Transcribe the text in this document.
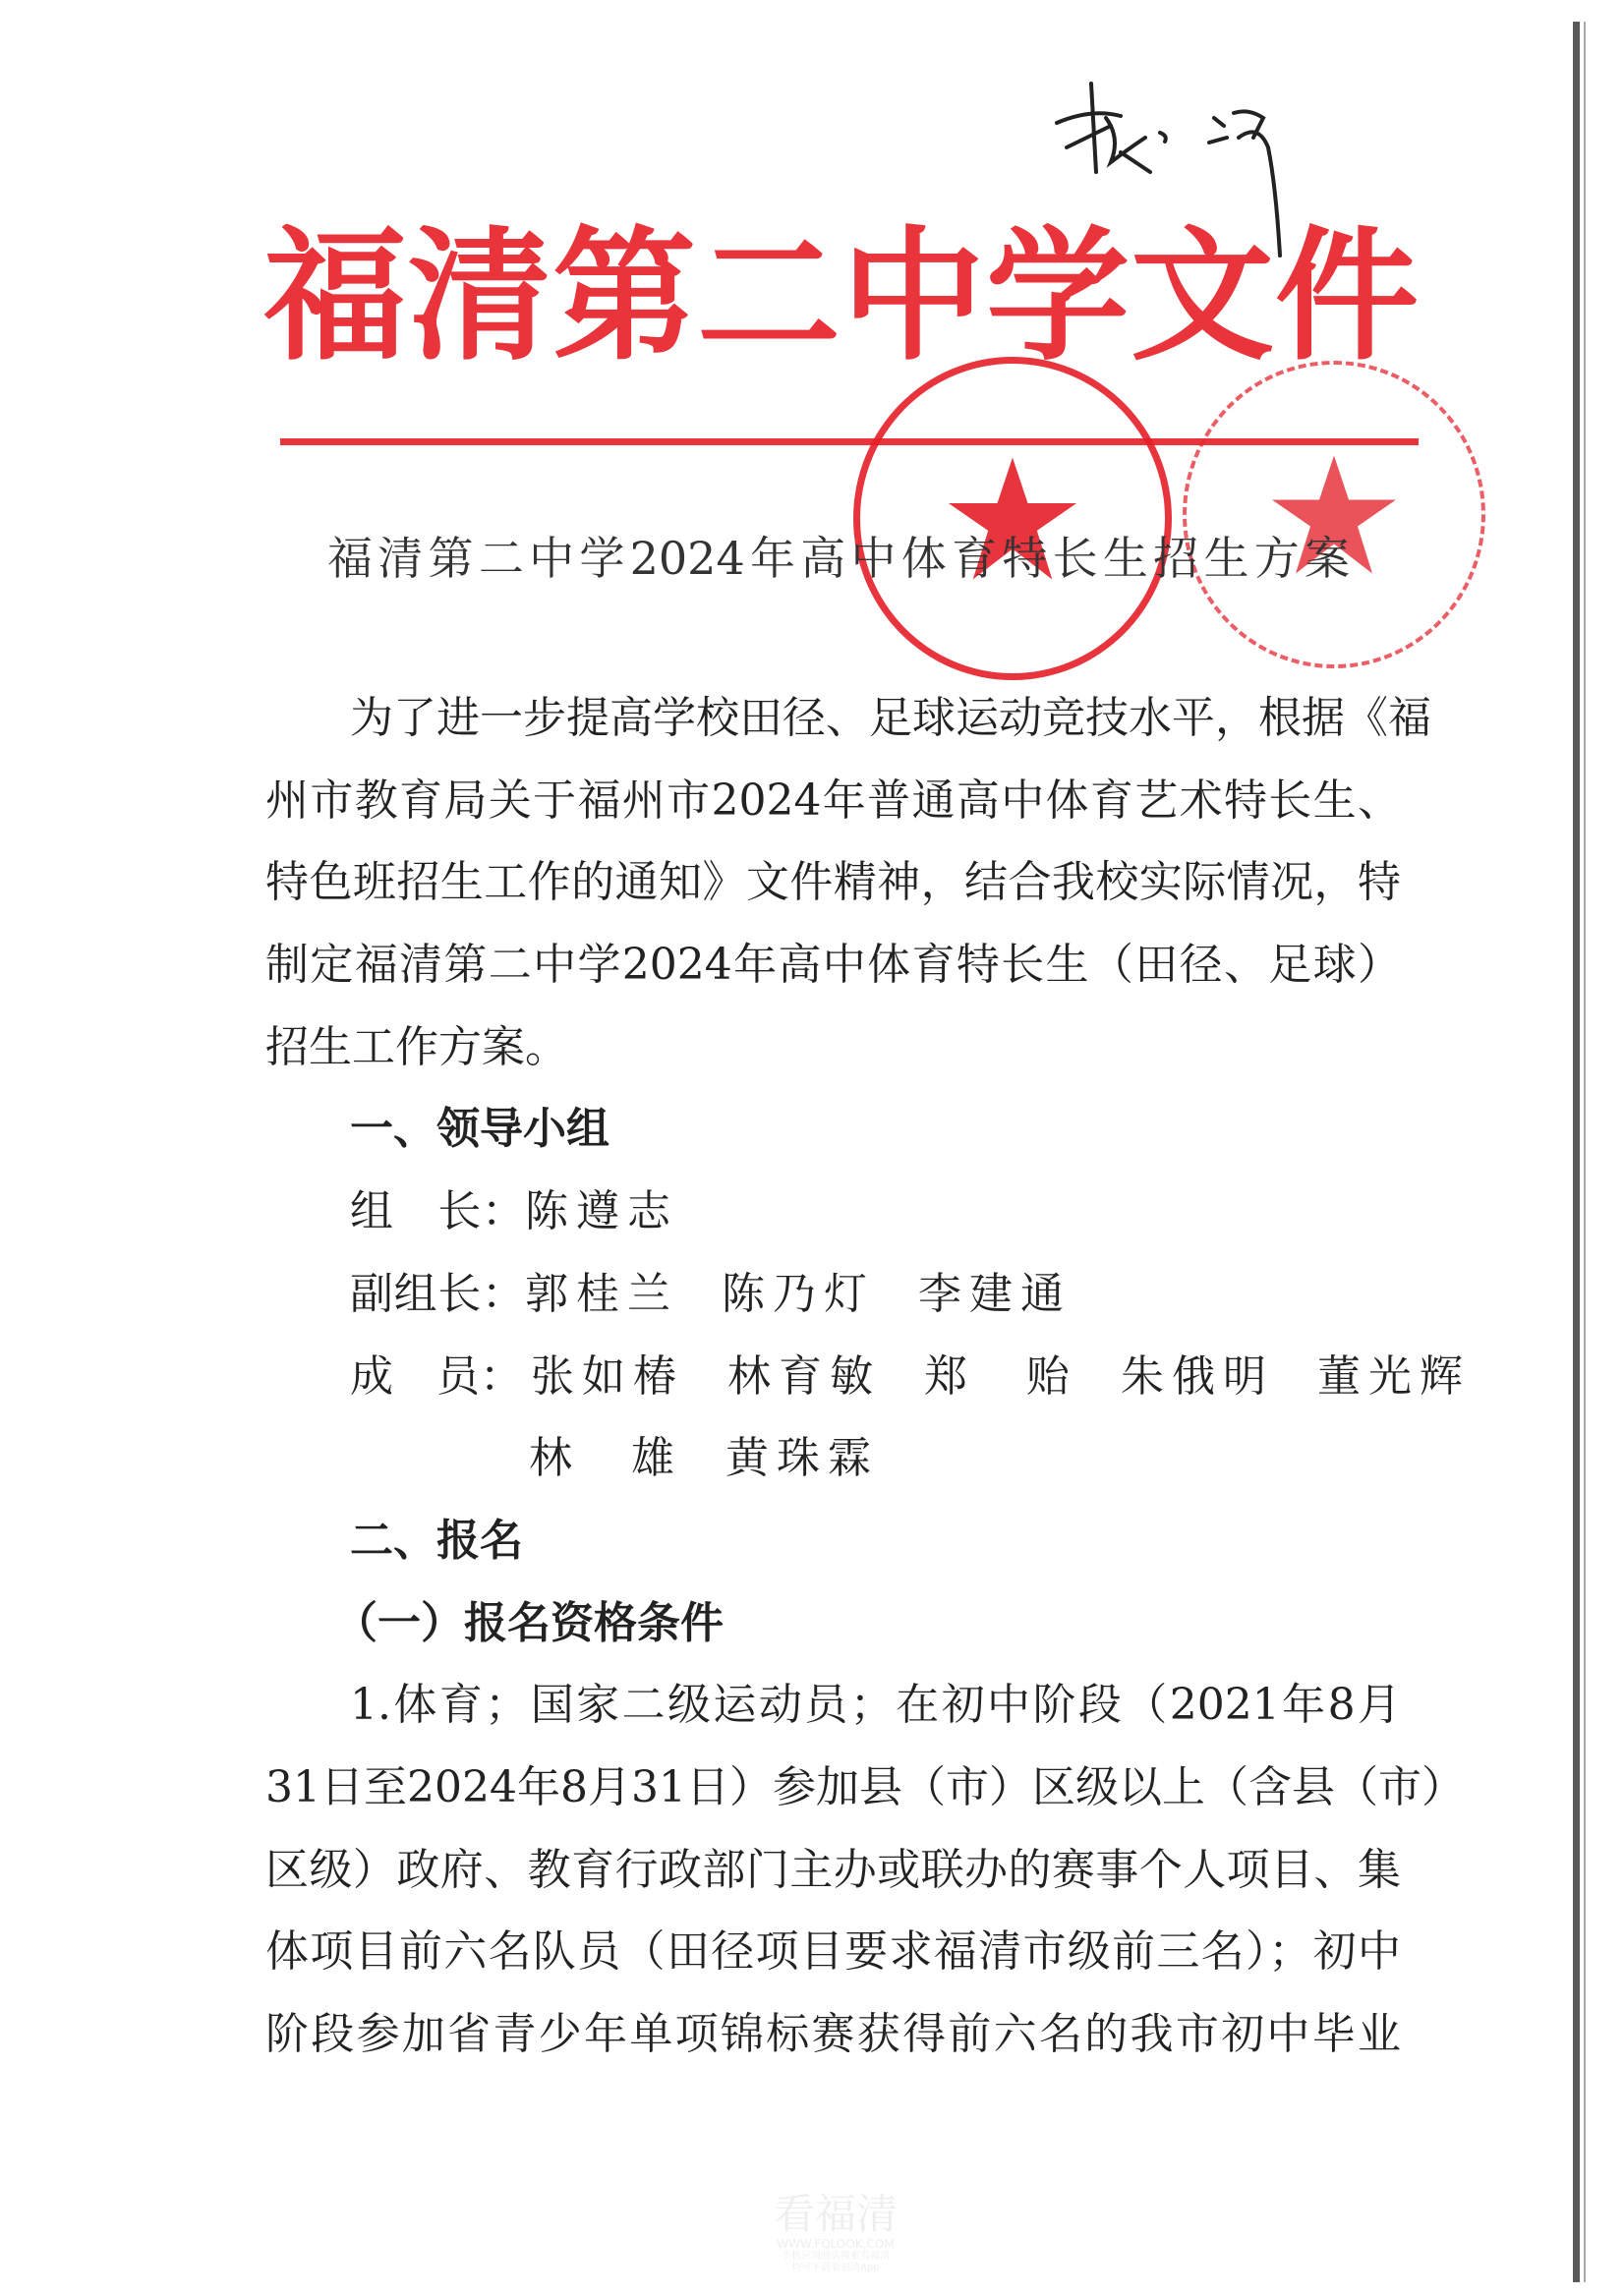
福清第二中学文件
福清第二中学2024年高中体育特长生招生方案
为了进一步提高学校田径、足球运动竞技水平，根据《福
州市教育局关于福州市2024年普通高中体育艺术特长生、
特色班招生工作的通知》文件精神，结合我校实际情况，特
制定福清第二中学2024年高中体育特长生（田径、足球）
招生工作方案。
一、领导小组
组　长： 陈遵志
副组长： 郭桂兰 陈乃灯 李建通
成　员： 张如椿 林育敏 郑　贻 朱俄明 董光辉
林　雄 黄珠霖
二、报名
（一）报名资格条件
1.体育；国家二级运动员；在初中阶段（2021年8月
31日至2024年8月31日）参加县（市）区级以上（含县（市）
区级）政府、教育行政部门主办或联办的赛事个人项目、集
体项目前六名队员（田径项目要求福清市级前三名）；初中
阶段参加省青少年单项锦标赛获得前六名的我市初中毕业
看福清
WWW.FQLOOK.COM
手机应用商店搜索看福清
均可下载看福清App
